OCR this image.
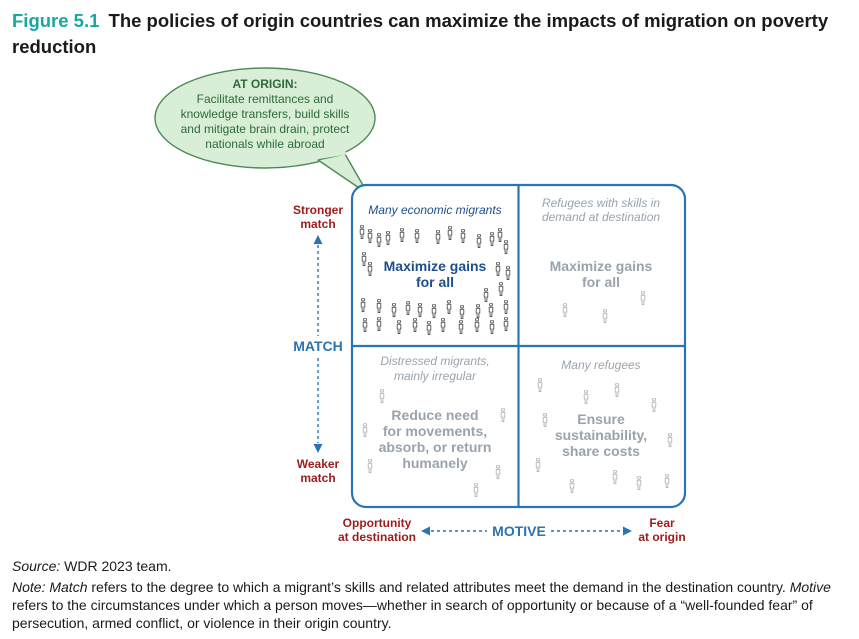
Figure 5.1 The policies of origin countries can maximize the impacts of migration on poverty reduction
AT ORIGIN:
Facilitate remittances and
knowledge transfers, build skills
and mitigate brain drain, protect
nationals while abroad
Many economic migrants
Maximize gains
for all
Refugees with skills in
demand at destination
Maximize gains
for all
Distressed migrants,
mainly irregular
Reduce need
for movements,
absorb, or return
humanely
Many refugees
Ensure
sustainability,
share costs
Stronger
match
MATCH
Weaker
match
Opportunity
at destination	MOTIVE	Fear
at origin

Source: WDR 2023 team.

Note: Match refers to the degree to which a migrant’s skills and related attributes meet the demand in the destination country. Motive refers to the circumstances under which a person moves—whether in search of opportunity or because of a “well-founded fear” of persecution, armed conflict, or violence in their origin country.
